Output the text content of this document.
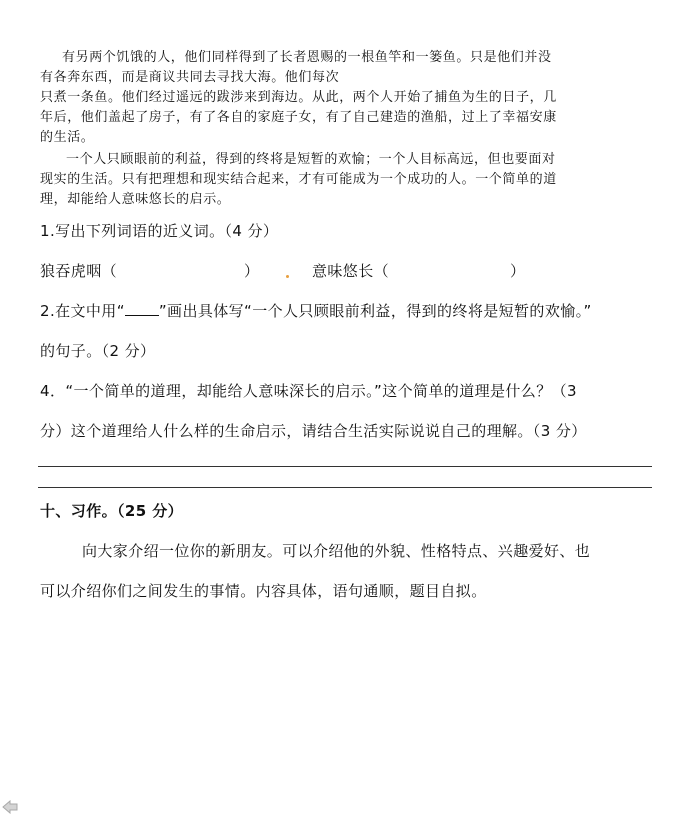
有另两个饥饿的人，他们同样得到了长者恩赐的一根鱼竿和一篓鱼。只是他们并没
有各奔东西，而是商议共同去寻找大海。他们每次
只煮一条鱼。他们经过遥远的跋涉来到海边。从此，两个人开始了捕鱼为生的日子，几
年后，他们盖起了房子，有了各自的家庭子女，有了自己建造的渔船，过上了幸福安康
的生活。
一个人只顾眼前的利益，得到的终将是短暂的欢愉；一个人目标高远，但也要面对
现实的生活。只有把理想和现实结合起来，才有可能成为一个成功的人。一个简单的道
理，却能给人意味悠长的启示。
1.写出下列词语的近义词。（4 分）
狼吞虎咽（	）	意味悠长（	）
2.在文中用“ ”画出具体写“一个人只顾眼前利益，得到的终将是短暂的欢愉。”
的句子。（2 分）
4．“一个简单的道理，却能给人意味深长的启示。”这个简单的道理是什么？（3
分）这个道理给人什么样的生命启示，请结合生活实际说说自己的理解。（3 分）
十、习作。（25 分）
向大家介绍一位你的新朋友。可以介绍他的外貌、性格特点、兴趣爱好、也
可以介绍你们之间发生的事情。内容具体，语句通顺，题目自拟。
